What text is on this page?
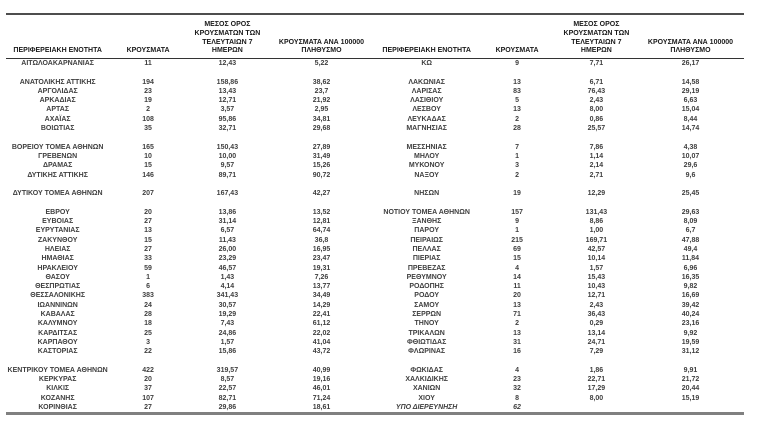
ΠΕΡΙΦΕΡΕΙΑΚΗ ΕΝΟΤΗΤΑ	ΚΡΟΥΣΜΑΤΑ	ΜΕΣΟΣ ΟΡΟΣ ΚΡΟΥΣΜΑΤΩΝ ΤΩΝ ΤΕΛΕΥΤΑΙΩΝ 7 ΗΜΕΡΩΝ	ΚΡΟΥΣΜΑΤΑ ΑΝΑ 100000 ΠΛΗΘΥΣΜΟ
ΑΙΤΩΛΟΑΚΑΡΝΑΝΙΑΣ	11	12,43	5,22

ΑΝΑΤΟΛΙΚΗΣ ΑΤΤΙΚΗΣ	194	158,86	38,62
ΑΡΓΟΛΙΔΑΣ	23	13,43	23,7
ΑΡΚΑΔΙΑΣ	19	12,71	21,92
ΑΡΤΑΣ	2	3,57	2,95
ΑΧΑΪΑΣ	108	95,86	34,81
ΒΟΙΩΤΙΑΣ	35	32,71	29,68

ΒΟΡΕΙΟΥ ΤΟΜΕΑ ΑΘΗΝΩΝ	165	150,43	27,89
ΓΡΕΒΕΝΩΝ	10	10,00	31,49
ΔΡΑΜΑΣ	15	9,57	15,26
ΔΥΤΙΚΗΣ ΑΤΤΙΚΗΣ	146	89,71	90,72

ΔΥΤΙΚΟΥ ΤΟΜΕΑ ΑΘΗΝΩΝ	207	167,43	42,27

ΕΒΡΟΥ	20	13,86	13,52
ΕΥΒΟΙΑΣ	27	31,14	12,81
ΕΥΡΥΤΑΝΙΑΣ	13	6,57	64,74
ΖΑΚΥΝΘΟΥ	15	11,43	36,8
ΗΛΕΙΑΣ	27	26,00	16,95
ΗΜΑΘΙΑΣ	33	23,29	23,47
ΗΡΑΚΛΕΙΟΥ	59	46,57	19,31
ΘΑΣΟΥ	1	1,43	7,26
ΘΕΣΠΡΩΤΙΑΣ	6	4,14	13,77
ΘΕΣΣΑΛΟΝΙΚΗΣ	383	341,43	34,49
ΙΩΑΝΝΙΝΩΝ	24	30,57	14,29
ΚΑΒΑΛΑΣ	28	19,29	22,41
ΚΑΛΥΜΝΟΥ	18	7,43	61,12
ΚΑΡΔΙΤΣΑΣ	25	24,86	22,02
ΚΑΡΠΑΘΟΥ	3	1,57	41,04
ΚΑΣΤΟΡΙΑΣ	22	15,86	43,72

ΚΕΝΤΡΙΚΟΥ ΤΟΜΕΑ ΑΘΗΝΩΝ	422	319,57	40,99
ΚΕΡΚΥΡΑΣ	20	8,57	19,16
ΚΙΛΚΙΣ	37	22,57	46,01
ΚΟΖΑΝΗΣ	107	82,71	71,24
ΚΟΡΙΝΘΙΑΣ	27	29,86	18,61
ΠΕΡΙΦΕΡΕΙΑΚΗ ΕΝΟΤΗΤΑ	ΚΡΟΥΣΜΑΤΑ	ΜΕΣΟΣ ΟΡΟΣ ΚΡΟΥΣΜΑΤΩΝ ΤΩΝ ΤΕΛΕΥΤΑΙΩΝ 7 ΗΜΕΡΩΝ	ΚΡΟΥΣΜΑΤΑ ΑΝΑ 100000 ΠΛΗΘΥΣΜΟ
ΚΩ	9	7,71	26,17

ΛΑΚΩΝΙΑΣ	13	6,71	14,58
ΛΑΡΙΣΑΣ	83	76,43	29,19
ΛΑΣΙΘΙΟΥ	5	2,43	6,63
ΛΕΣΒΟΥ	13	8,00	15,04
ΛΕΥΚΑΔΑΣ	2	0,86	8,44
ΜΑΓΝΗΣΙΑΣ	28	25,57	14,74

ΜΕΣΣΗΝΙΑΣ	7	7,86	4,38
ΜΗΛΟΥ	1	1,14	10,07
ΜΥΚΟΝΟΥ	3	2,14	29,6
ΝΑΞΟΥ	2	2,71	9,6

ΝΗΣΩΝ	19	12,29	25,45

ΝΟΤΙΟΥ ΤΟΜΕΑ ΑΘΗΝΩΝ	157	131,43	29,63
ΞΑΝΘΗΣ	9	8,86	8,09
ΠΑΡΟΥ	1	1,00	6,7
ΠΕΙΡΑΙΩΣ	215	169,71	47,88
ΠΕΛΛΑΣ	69	42,57	49,4
ΠΙΕΡΙΑΣ	15	10,14	11,84
ΠΡΕΒΕΖΑΣ	4	1,57	6,96
ΡΕΘΥΜΝΟΥ	14	15,43	16,35
ΡΟΔΟΠΗΣ	11	10,43	9,82
ΡΟΔΟΥ	20	12,71	16,69
ΣΑΜΟΥ	13	2,43	39,42
ΣΕΡΡΩΝ	71	36,43	40,24
ΤΗΝΟΥ	2	0,29	23,16
ΤΡΙΚΑΛΩΝ	13	13,14	9,92
ΦΘΙΩΤΙΔΑΣ	31	24,71	19,59
ΦΛΩΡΙΝΑΣ	16	7,29	31,12

ΦΩΚΙΔΑΣ	4	1,86	9,91
ΧΑΛΚΙΔΙΚΗΣ	23	22,71	21,72
ΧΑΝΙΩΝ	32	17,29	20,44
ΧΙΟΥ	8	8,00	15,19
ΥΠΟ ΔΙΕΡΕΥΝΗΣΗ	62		
